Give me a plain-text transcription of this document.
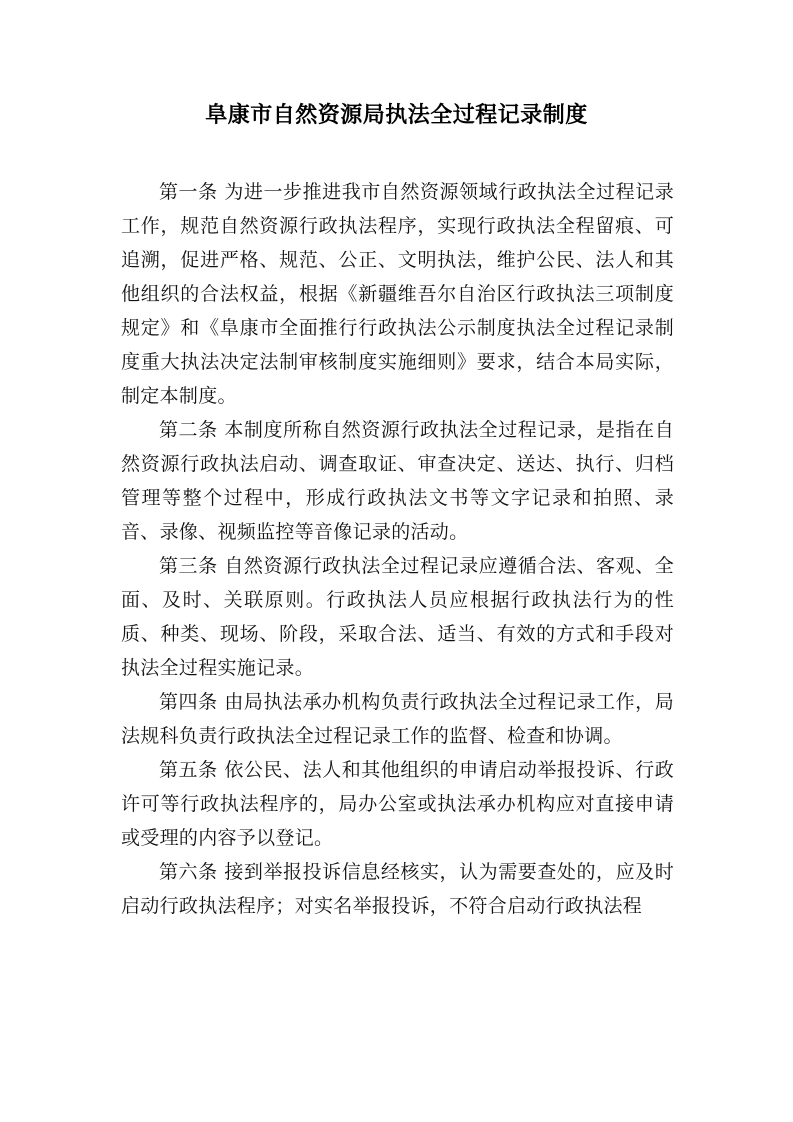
阜康市自然资源局执法全过程记录制度

第一条 为进一步推进我市自然资源领域行政执法全过程记录工作，规范自然资源行政执法程序，实现行政执法全程留痕、可追溯，促进严格、规范、公正、文明执法，维护公民、法人和其他组织的合法权益，根据《新疆维吾尔自治区行政执法三项制度规定》和《阜康市全面推行行政执法公示制度执法全过程记录制度重大执法决定法制审核制度实施细则》要求，结合本局实际，制定本制度。

第二条 本制度所称自然资源行政执法全过程记录，是指在自然资源行政执法启动、调查取证、审查决定、送达、执行、归档管理等整个过程中，形成行政执法文书等文字记录和拍照、录音、录像、视频监控等音像记录的活动。

第三条 自然资源行政执法全过程记录应遵循合法、客观、全面、及时、关联原则。行政执法人员应根据行政执法行为的性质、种类、现场、阶段，采取合法、适当、有效的方式和手段对执法全过程实施记录。

第四条 由局执法承办机构负责行政执法全过程记录工作，局法规科负责行政执法全过程记录工作的监督、检查和协调。

第五条 依公民、法人和其他组织的申请启动举报投诉、行政许可等行政执法程序的，局办公室或执法承办机构应对直接申请或受理的内容予以登记。

第六条 接到举报投诉信息经核实，认为需要查处的，应及时启动行政执法程序；对实名举报投诉，不符合启动行政执法程
